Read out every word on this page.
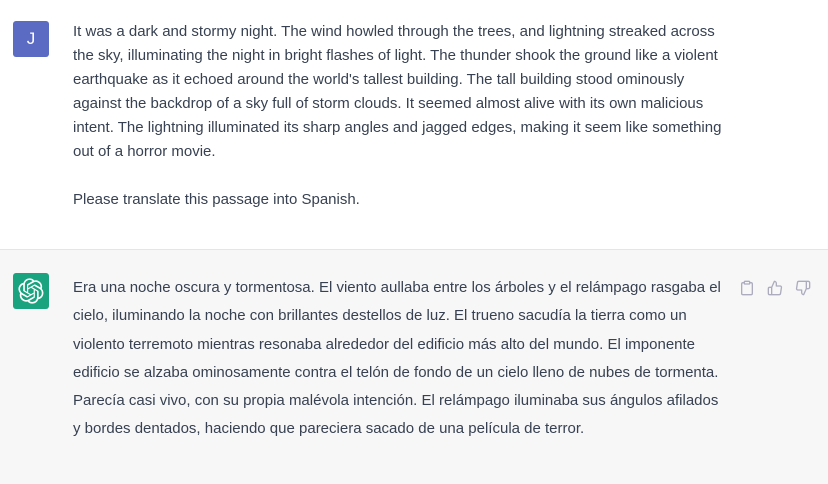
J	It was a dark and stormy night. The wind howled through the trees, and lightning streaked across the sky, illuminating the night in bright flashes of light. The thunder shook the ground like a violent earthquake as it echoed around the world's tallest building. The tall building stood ominously against the backdrop of a sky full of storm clouds. It seemed almost alive with its own malicious intent. The lightning illuminated its sharp angles and jagged edges, making it seem like something out of a horror movie.

Please translate this passage into Spanish.

Era una noche oscura y tormentosa. El viento aullaba entre los árboles y el relámpago rasgaba el cielo, iluminando la noche con brillantes destellos de luz. El trueno sacudía la tierra como un violento terremoto mientras resonaba alrededor del edificio más alto del mundo. El imponente edificio se alzaba ominosamente contra el telón de fondo de un cielo lleno de nubes de tormenta. Parecía casi vivo, con su propia malévola intención. El relámpago iluminaba sus ángulos afilados y bordes dentados, haciendo que pareciera sacado de una película de terror.
